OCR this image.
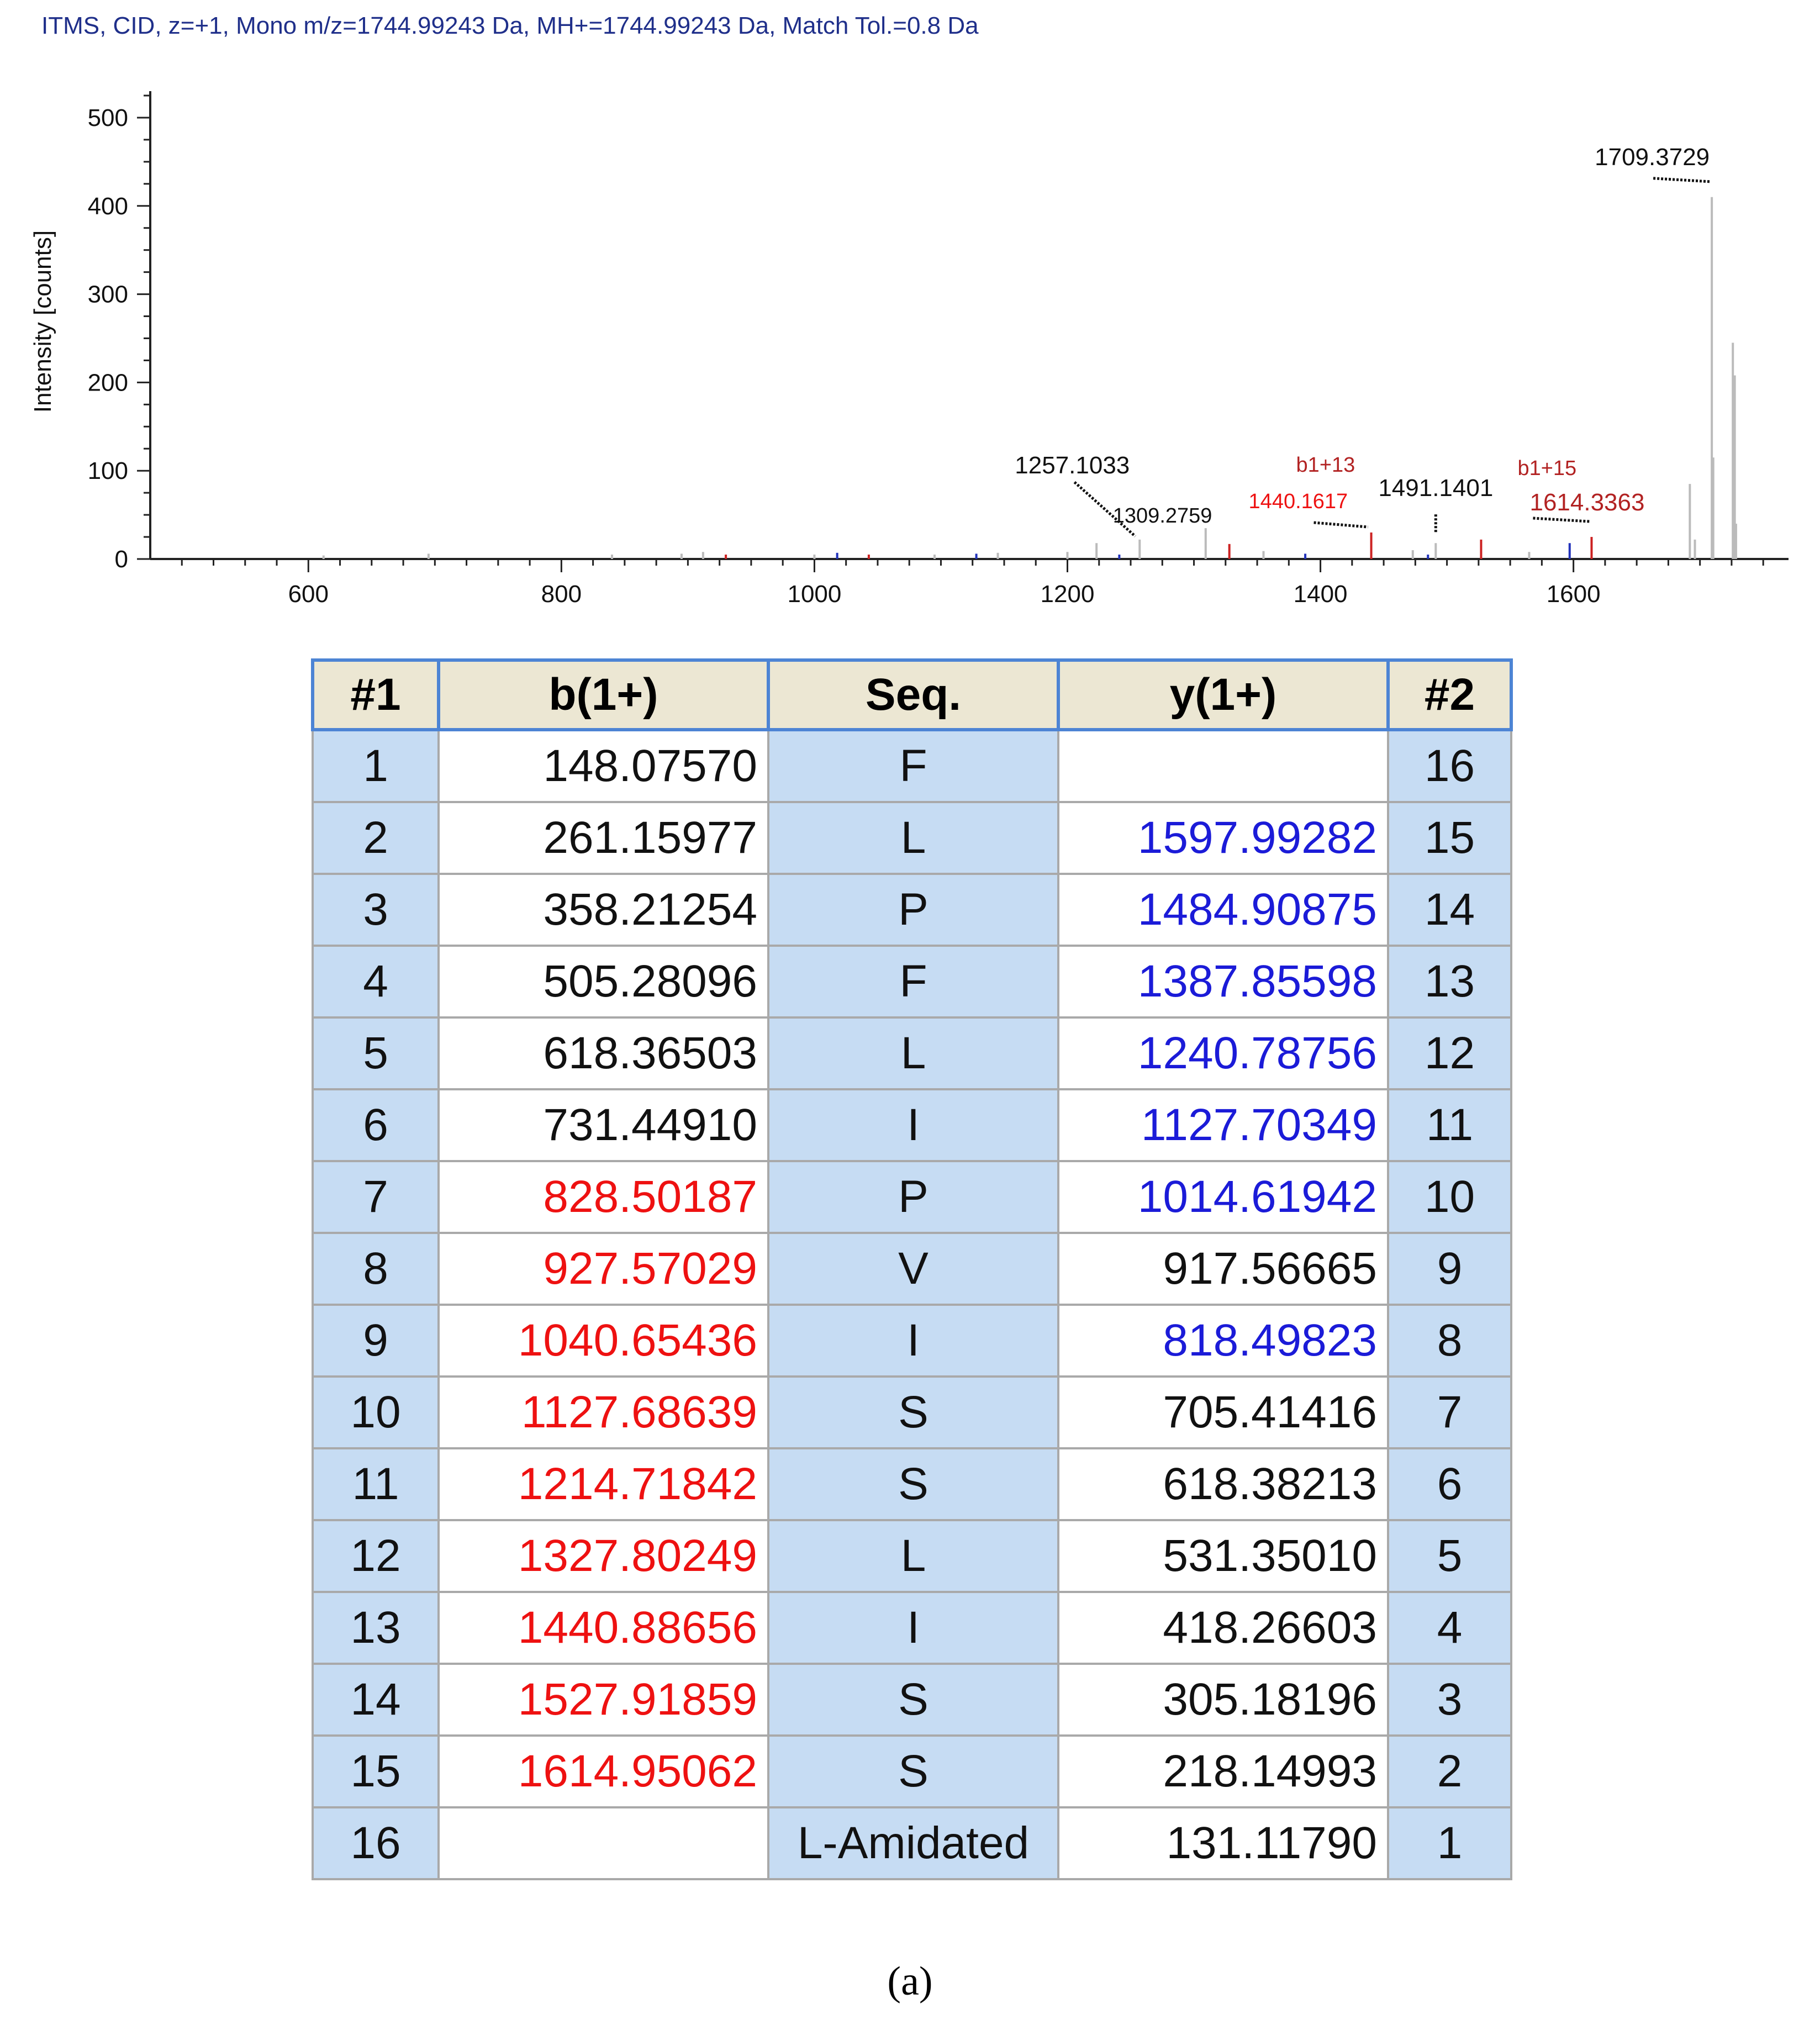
ITMS, CID, z=+1, Mono m/z=1744.99243 Da, MH+=1744.99243 Da, Match Tol.=0.8 Da
600	800	1000	1200	1400	1600
0
100
200
300
400
500
1257.1033
1309.2759
b1+13
1440.1617 1491.1401
b1+15
1614.3363
1709.3729
Intensity [counts]
#1	b(1+)	Seq.	y(1+)	#2
1	148.07570	F		16
2	261.15977	L	1597.99282	15
3	358.21254	P	1484.90875	14
4	505.28096	F	1387.85598	13
5	618.36503	L	1240.78756	12
6	731.44910	I	1127.70349	11
7	828.50187	P	1014.61942	10
8	927.57029	V	917.56665	9
9	1040.65436	I	818.49823	8
10	1127.68639	S	705.41416	7
11	1214.71842	S	618.38213	6
12	1327.80249	L	531.35010	5
13	1440.88656	I	418.26603	4
14	1527.91859	S	305.18196	3
15	1614.95062	S	218.14993	2
16		L-Amidated	131.11790	1
(a)
